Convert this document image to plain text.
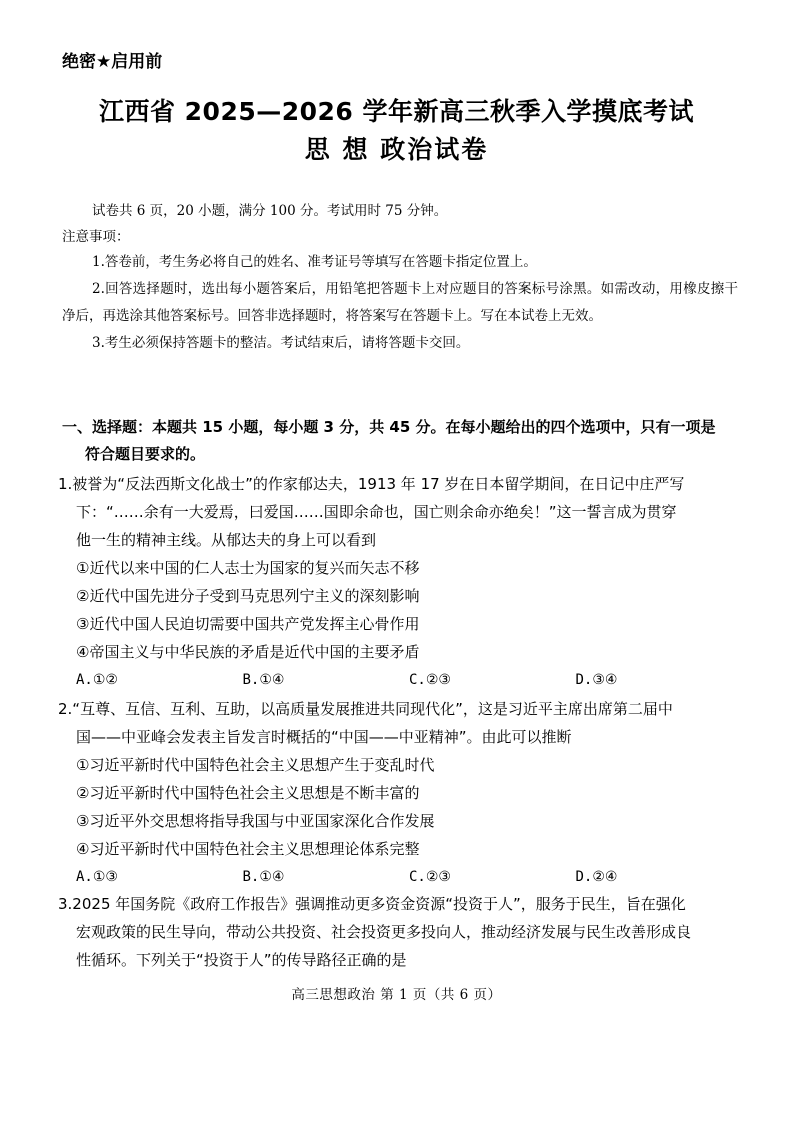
绝密★启用前
江西省 2025—2026 学年新高三秋季入学摸底考试
思 想 政治试卷
试卷共 6 页，20 小题，满分 100 分。考试用时 75 分钟。
注意事项：

1.答卷前，考生务必将自己的姓名、准考证号等填写在答题卡指定位置上。

2.回答选择题时，选出每小题答案后，用铅笔把答题卡上对应题目的答案标号涂黑。如需改动，用橡皮擦干净后，再选涂其他答案标号。回答非选择题时，将答案写在答题卡上。写在本试卷上无效。

3.考生必须保持答题卡的整洁。考试结束后，请将答题卡交回。

一、选择题：本题共 15 小题，每小题 3 分，共 45 分。在每小题给出的四个选项中，只有一项是
符合题目要求的。
1.被誉为“反法西斯文化战士”的作家郁达夫，1913 年 17 岁在日本留学期间，在日记中庄严写
下：“……余有一大爱焉，曰爱国……国即余命也，国亡则余命亦绝矣！”这一誓言成为贯穿
他一生的精神主线。从郁达夫的身上可以看到
①近代以来中国的仁人志士为国家的复兴而矢志不移
②近代中国先进分子受到马克思列宁主义的深刻影响
③近代中国人民迫切需要中国共产党发挥主心骨作用
④帝国主义与中华民族的矛盾是近代中国的主要矛盾
A.①②	B.①④	C.②③	D.③④
2.“互尊、互信、互利、互助，以高质量发展推进共同现代化”，这是习近平主席出席第二届中
国——中亚峰会发表主旨发言时概括的“中国——中亚精神”。由此可以推断
①习近平新时代中国特色社会主义思想产生于变乱时代
②习近平新时代中国特色社会主义思想是不断丰富的
③习近平外交思想将指导我国与中亚国家深化合作发展
④习近平新时代中国特色社会主义思想理论体系完整
A.①③	B.①④	C.②③	D.②④
3.2025 年国务院《政府工作报告》强调推动更多资金资源“投资于人”，服务于民生，旨在强化
宏观政策的民生导向，带动公共投资、社会投资更多投向人，推动经济发展与民生改善形成良
性循环。下列关于“投资于人”的传导路径正确的是
高三思想政治 第 1 页（共 6 页）
